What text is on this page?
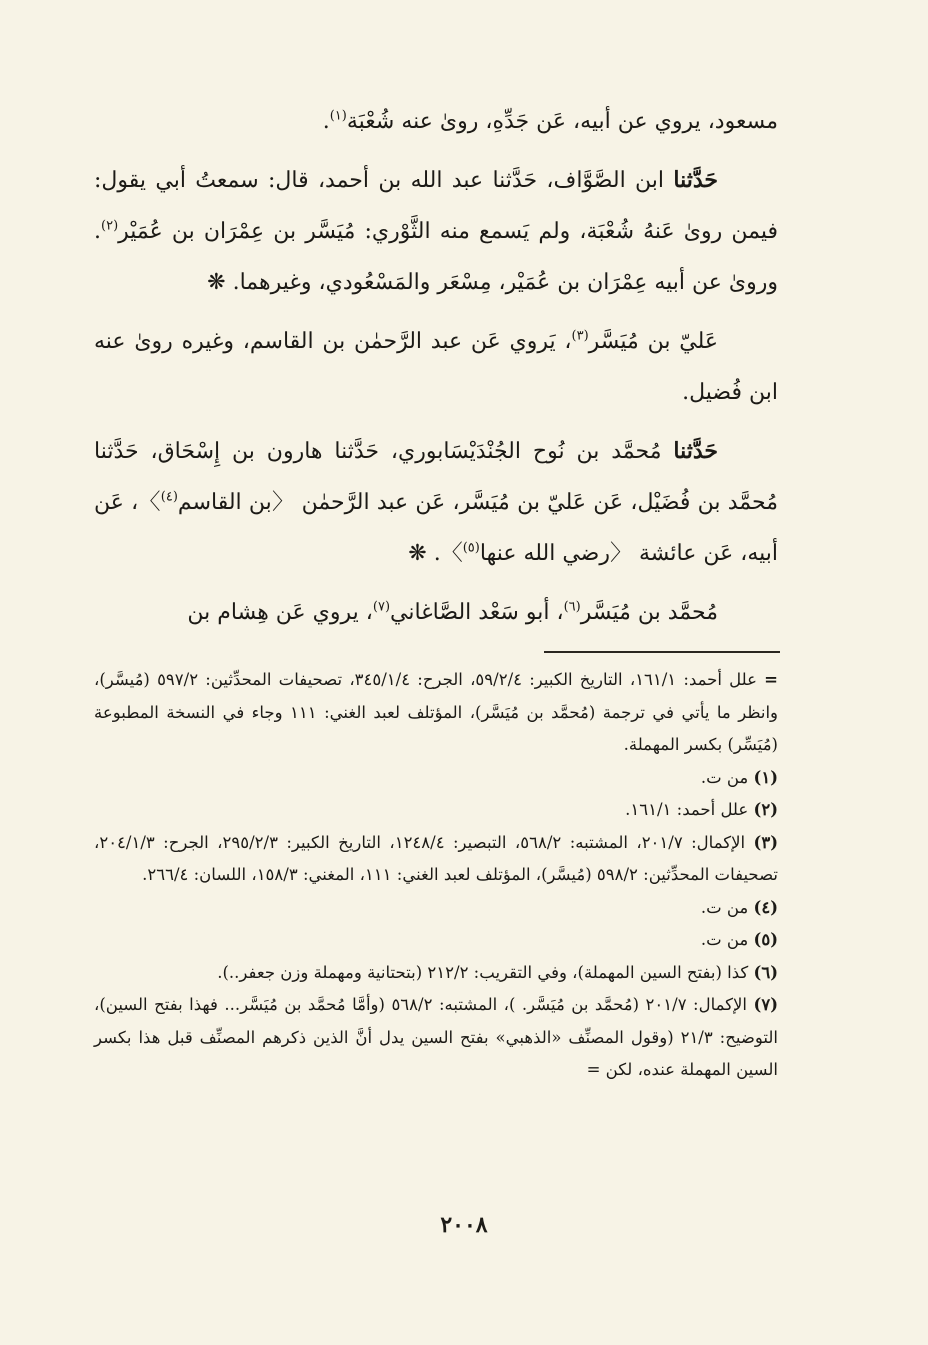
مسعود، يروي عن أبيه، عَن جَدِّهِ، روىٰ عنه شُعْبَة$^{(١)}$.

حَدَّثنا ابن الصَّوَّاف، حَدَّثنا عبد الله بن أحمد، قال: سمعتُ أبي يقول: فيمن روىٰ عَنهُ شُعْبَة، ولم يَسمع منه الثَّوْري: مُيَسَّر بن عِمْرَان بن عُمَيْر$^{(٢)}$. وروىٰ عن أبيه عِمْرَان بن عُمَيْر، مِسْعَر والمَسْعُودي، وغيرهما. ❋

عَليّ بن مُيَسَّر$^{(٣)}$، يَروي عَن عبد الرَّحمٰن بن القاسم، وغيره روىٰ عنه ابن فُضيل.

حَدَّثنا مُحمَّد بن نُوح الجُنْدَيْسَابوري، حَدَّثنا هارون بن إِسْحَاق، حَدَّثنا مُحمَّد بن فُضَيْل، عَن عَليّ بن مُيَسَّر، عَن عبد الرَّحمٰن 〈بن القاسم$^{(٤)}$〉، عَن أبيه، عَن عائشة 〈رضي الله عنها$^{(٥)}$〉. ❋

مُحمَّد بن مُيَسَّر$^{(٦)}$، أبو سَعْد الصَّاغاني$^{(٧)}$، يروي عَن هِشام بن

= علل أحمد: ١٦١/١، التاريخ الكبير: ٥٩/٢/٤، الجرح: ٣٤٥/١/٤، تصحيفات المحدِّثين: ٥٩٧/٢ (مُيسَّر)، وانظر ما يأتي في ترجمة (مُحمَّد بن مُيَسَّر)، المؤتلف لعبد الغني: ١١١ وجاء في النسخة المطبوعة (مُيَسِّر) بكسر المهملة.

(١) من ت.

(٢) علل أحمد: ١٦١/١.

(٣) الإكمال: ٢٠١/٧، المشتبه: ٥٦٨/٢، التبصير: ١٢٤٨/٤، التاريخ الكبير: ٢٩٥/٢/٣، الجرح: ٢٠٤/١/٣، تصحيفات المحدِّثين: ٥٩٨/٢ (مُيسَّر)، المؤتلف لعبد الغني: ١١١، المغني: ١٥٨/٣، اللسان: ٢٦٦/٤.

(٤) من ت.

(٥) من ت.

(٦) كذا (بفتح السين المهملة)، وفي التقريب: ٢١٢/٢ (بتحتانية ومهملة وزن جعفر..).

(٧) الإكمال: ٢٠١/٧ (مُحمَّد بن مُيَسَّر. )، المشتبه: ٥٦٨/٢ (وأمَّا مُحمَّد بن مُيَسَّر... فهذا بفتح السين)، التوضيح: ٢١/٣ (وقول المصنِّف «الذهبي» بفتح السين يدل أنَّ الذين ذكرهم المصنِّف قبل هذا بكسر السين المهملة عنده، لكن =

٢٠٠٨
